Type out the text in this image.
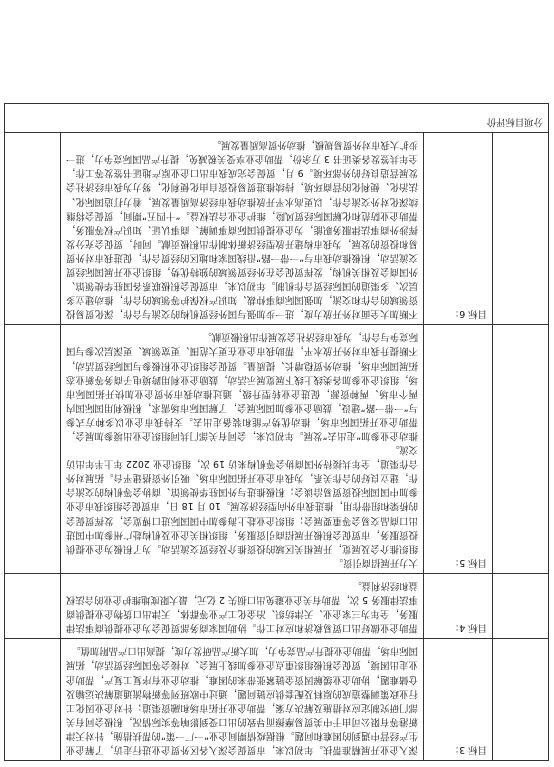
	目标 3：	深入企业开展精准帮扶。年初以来，市贸促会深入各区外贸企业进行走访，了解企业生产经营中遇到的困难和问题。根据疫情期间企业“一厂一策”的帮扶措施，针对天津新港等有限公司由于中美贸易摩擦而导致的出口受到影响等实际情况，积极会同有关部门研究制定应对措施及解决方案，帮助企业开拓市场和融资渠道；针对企业因化工行业政策调整造成的原料及配套供应链问题，通过中欧班列等新物流通道解决运输及仓储难题，协助企业缓解因资金链紧张带来的困难，推动企业有序复工复产，帮助企业走出困境，贸促会积极组织重点企业参加线上展会、对接会等国际经贸活动，拓展国际市场，帮助企业提升产品竞争力，加大新产品研发力度，提高出口产品附加值。	

	目标 4：	帮助企业做好出口贸易救济和应对工作。协助国家商务部贸促会为企业提供商事法律服务，全年为三家企业、天津纺织、冶金化工产业等群体，天津出口货物企业提供商事法律服务 5 次，帮助有关企业避免出口损失 2 亿元，最大限度地维护企业的合法权益和经济利益。	

	目标 5：	大力开展招商引资。

组织推介会及展览，开展相关区域的投资推介及经贸交流活动。为了积极为企业提供投资服务，市贸促会积极开展招商引资服务，组织相关企业及机构赴广州参加中国进出口商品交易会等重要展会；组织企业赴上海参加中国国际进口博览会，发挥贸促会的桥梁和纽带作用，推进我市外向型经济发展。10 月 18 日，市贸促会组织我市企业参加中国国际投资贸易洽谈会；积极推进与外国驻华使领馆、商协会等机构的交流合作，建立良好的合作关系，为我市企业开拓国际市场、吸引外资搭建平台。拓展对外合作渠道，全年共接待外国商协会等机构来访 19 次，组织企业 2022 年上半年出访交流。

推动企业参加“走出去”发展。年初以来，会同有关部门共同组织企业出境参加展会，帮助企业开拓国际市场，推动优势产能和装备走出去。支持我市企业以多种方式参与“一带一路”建设，鼓励企业参加国际展会，了解国际市场需求，积极利用国际国内两个市场、两种资源，促进企业转型升级，通过推动我市外贸企业加快开拓国际市场，组织企业参加各类线上线下展览展示活动，鼓励企业利用跨境电子商务等新业态拓展国际市场，推动外贸稳增长、提质量。贸促会组织企业积极参与国际经贸活动，不断提升我市对外开放水平，帮助我市企业在更大范围、更宽领域、更深层次参与国际竞争与合作，为我市经济社会发展作出积极贡献。	

	目标 6：	不断加大全面对外开放力度，进一步加强与国外经贸机构的交流与合作，深化贸易投资领域的合作和交流，加强国际商事仲裁、知识产权保护等领域的合作，推动建立多层次、多渠道的国际经贸合作机制。年初以来，市贸促会积极联系各国驻华使领馆、外国商会及相关机构，发挥贸促会在外经贸领域的独特优势，组织企业开展国际经贸交流活动，积极推动我市与“一带一路”沿线国家和地区的经贸合作，促进我市对外贸易和投资的发展，为我市构建开放型经济新体制作出积极贡献。同时，贸促会充分发挥涉外商事法律服务职能，为企业提供国际商事调解、商事认证、知识产权等服务，帮助企业防范和化解国际经贸风险，维护企业合法权益。“十四五”期间，贸促会将继续深化对外交流合作，以更高水平开放推动我市经济高质量发展，着力打造国际化、法治化、便利化的营商环境，持续推进贸易投资自由化便利化，努力为我市经济社会发展营造良好的外部环境。9 月，贸促会完成我市出口企业原产地证书签发等工作，全年共签发各类证书 3 万余份，帮助企业享受关税减免，提升产品国际竞争力，进一步扩大我市对外贸易规模，推动外贸高质量发展。	

分项目标评价			
